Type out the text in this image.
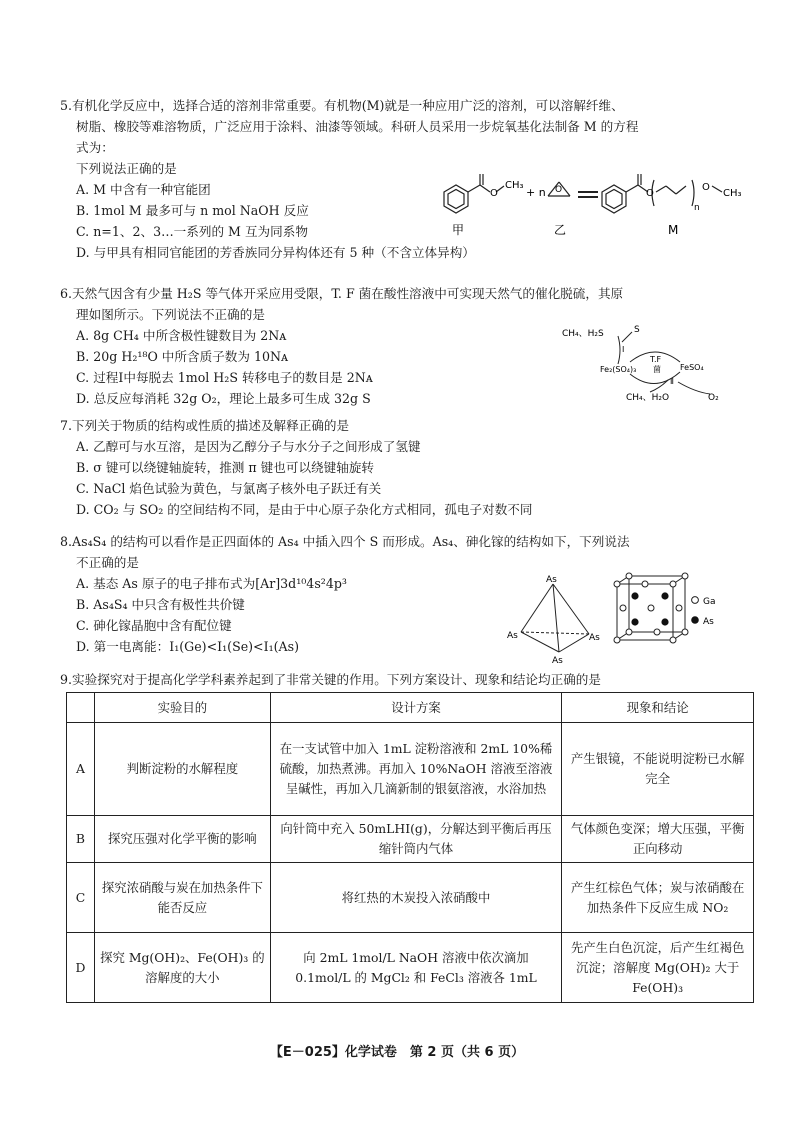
5.有机化学反应中，选择合适的溶剂非常重要。有机物(M)就是一种应用广泛的溶剂，可以溶解纤维、
树脂、橡胶等难溶物质，广泛应用于涂料、油漆等领域。科研人员采用一步烷氧基化法制备 M 的方程
式为：
下列说法正确的是
A. M 中含有一种官能团
B. 1mol M 最多可与 n mol NaOH 反应
C. n=1、2、3…一系列的 M 互为同系物
D. 与甲具有相同官能团的芳香族同分异构体还有 5 种（不含立体异构）
O
CH₃
+ n O	O
n
O
CH₃
甲	乙	M
6.天然气因含有少量 H₂S 等气体开采应用受限，T. F 菌在酸性溶液中可实现天然气的催化脱硫，其原
理如图所示。下列说法不正确的是
A. 8g CH₄ 中所含极性键数目为 2Nᴀ
B. 20g H₂¹⁸O 中所含质子数为 10Nᴀ
C. 过程Ⅰ中每脱去 1mol H₂S 转移电子的数目是 2Nᴀ
D. 总反应每消耗 32g O₂，理论上最多可生成 32g S
CH₄、H₂S	S
Ⅰ
Fe₂(SO₄)₃
T.F
菌 FeSO₄
Ⅱ
CH₄、H₂O	O₂
7.下列关于物质的结构或性质的描述及解释正确的是
A. 乙醇可与水互溶，是因为乙醇分子与水分子之间形成了氢键
B. σ 键可以绕键轴旋转，推测 π 键也可以绕键轴旋转
C. NaCl 焰色试验为黄色，与氯离子核外电子跃迁有关
D. CO₂ 与 SO₂ 的空间结构不同，是由于中心原子杂化方式相同，孤电子对数不同
8.As₄S₄ 的结构可以看作是正四面体的 As₄ 中插入四个 S 而形成。As₄、砷化镓的结构如下，下列说法
不正确的是
A. 基态 As 原子的电子排布式为[Ar]3d¹⁰4s²4p³
B. As₄S₄ 中只含有极性共价键
C. 砷化镓晶胞中含有配位键
D. 第一电离能：I₁(Ge)<I₁(Se)<I₁(As)
As
As	As
As
Ga
As
9.实验探究对于提高化学学科素养起到了非常关键的作用。下列方案设计、现象和结论均正确的是
	实验目的	设计方案	现象和结论
A	判断淀粉的水解程度	在一支试管中加入 1mL 淀粉溶液和 2mL 10%稀硫酸，加热煮沸。再加入 10%NaOH 溶液至溶液呈碱性，再加入几滴新制的银氨溶液，水浴加热	产生银镜，不能说明淀粉已水解完全
B	探究压强对化学平衡的影响	向针筒中充入 50mLHI(g)，分解达到平衡后再压缩针筒内气体	气体颜色变深；增大压强，平衡正向移动
C	探究浓硝酸与炭在加热条件下能否反应	将红热的木炭投入浓硝酸中	产生红棕色气体；炭与浓硝酸在加热条件下反应生成 NO₂
D	探究 Mg(OH)₂、Fe(OH)₃ 的溶解度的大小	向 2mL 1mol/L NaOH 溶液中依次滴加 0.1mol/L 的 MgCl₂ 和 FeCl₃ 溶液各 1mL	先产生白色沉淀，后产生红褐色沉淀；溶解度 Mg(OH)₂ 大于 Fe(OH)₃
【E－025】化学试卷　第 2 页（共 6 页）
